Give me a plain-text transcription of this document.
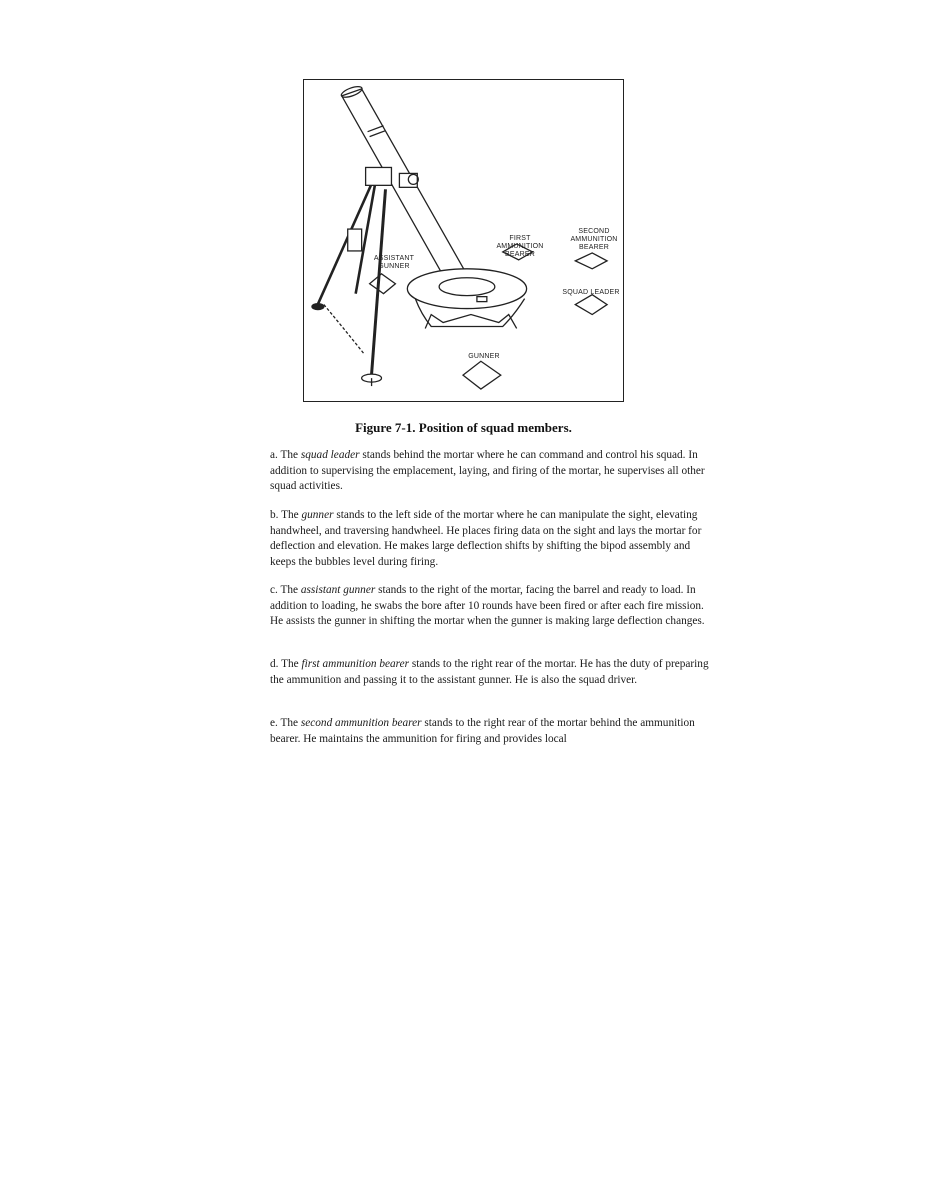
ASSISTANT
GUNNER
FIRST
AMMUNITION
BEARER
SECOND
AMMUNITION
BEARER
SQUAD LEADER
GUNNER
Figure 7-1. Position of squad members.

a. The squad leader stands behind the mortar where he can command and control his squad. In addition to supervising the emplacement, laying, and firing of the mortar, he supervises all other squad activities.

b. The gunner stands to the left side of the mortar where he can manipulate the sight, elevating handwheel, and traversing handwheel. He places firing data on the sight and lays the mortar for deflection and elevation. He makes large deflection shifts by shifting the bipod assembly and keeps the bubbles level during firing.

c. The assistant gunner stands to the right of the mortar, facing the barrel and ready to load. In addition to loading, he swabs the bore after 10 rounds have been fired or after each fire mission. He assists the gunner in shifting the mortar when the gunner is making large deflection changes.

d. The first ammunition bearer stands to the right rear of the mortar. He has the duty of preparing the ammunition and passing it to the assistant gunner. He is also the squad driver.

e. The second ammunition bearer stands to the right rear of the mortar behind the ammunition bearer. He maintains the ammunition for firing and provides local
